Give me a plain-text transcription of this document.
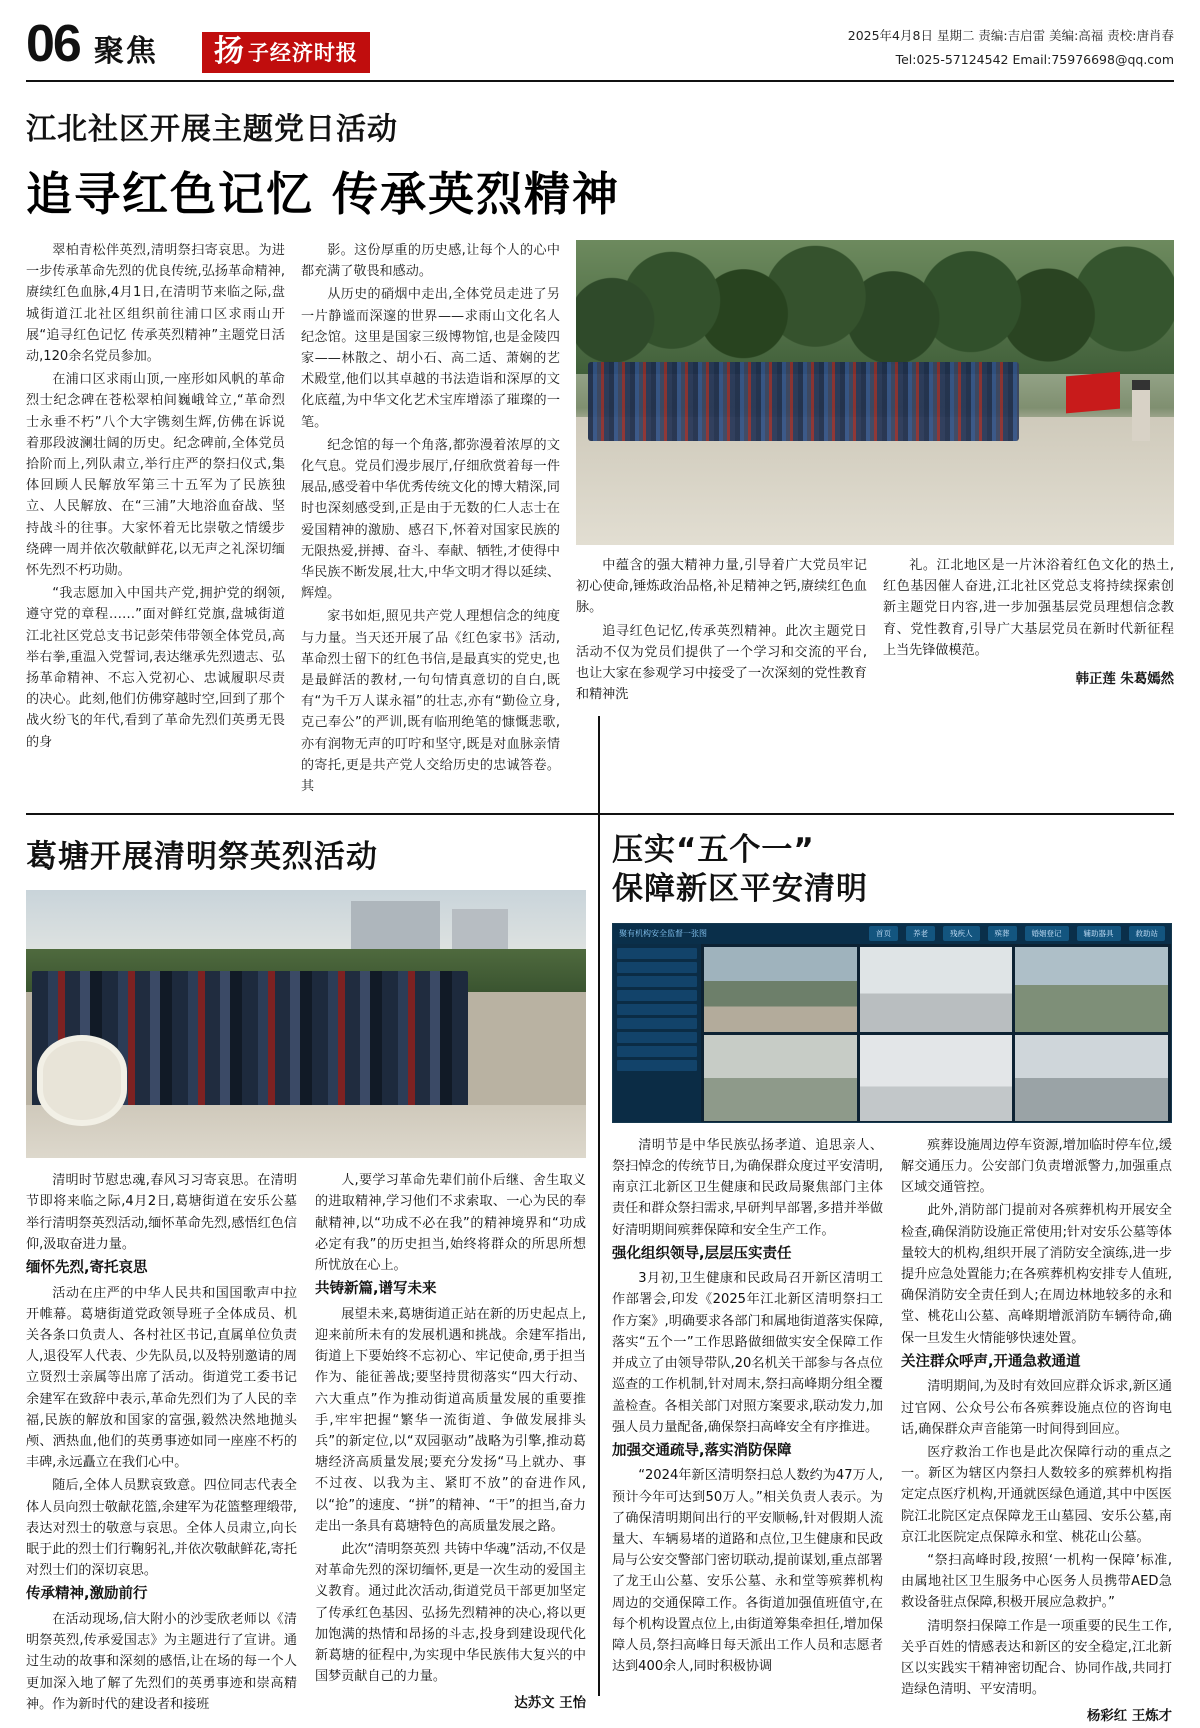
06 聚焦 扬 子经济时报
2025年4月8日 星期二 责编:吉启雷 美编:高福 责校:唐肖春
Tel:025-57124542 Email:75976698@qq.com
江北社区开展主题党日活动
追寻红色记忆 传承英烈精神

翠柏青松伴英烈,清明祭扫寄哀思。为进一步传承革命先烈的优良传统,弘扬革命精神,赓续红色血脉,4月1日,在清明节来临之际,盘城街道江北社区组织前往浦口区求雨山开展“追寻红色记忆 传承英烈精神”主题党日活动,120余名党员参加。

在浦口区求雨山顶,一座形如风帆的革命烈士纪念碑在苍松翠柏间巍峨耸立,“革命烈士永垂不朽”八个大字镌刻生辉,仿佛在诉说着那段波澜壮阔的历史。纪念碑前,全体党员拾阶而上,列队肃立,举行庄严的祭扫仪式,集体回顾人民解放军第三十五军为了民族独立、人民解放、在“三浦”大地浴血奋战、坚持战斗的往事。大家怀着无比崇敬之情缓步绕碑一周并依次敬献鲜花,以无声之礼深切缅怀先烈不朽功勋。

“我志愿加入中国共产党,拥护党的纲领,遵守党的章程……”面对鲜红党旗,盘城街道江北社区党总支书记彭荣伟带领全体党员,高举右拳,重温入党誓词,表达继承先烈遗志、弘扬革命精神、不忘入党初心、忠诚履职尽责的决心。此刻,他们仿佛穿越时空,回到了那个战火纷飞的年代,看到了革命先烈们英勇无畏的身

影。这份厚重的历史感,让每个人的心中都充满了敬畏和感动。

从历史的硝烟中走出,全体党员走进了另一片静谧而深邃的世界——求雨山文化名人纪念馆。这里是国家三级博物馆,也是金陵四家——林散之、胡小石、高二适、萧娴的艺术殿堂,他们以其卓越的书法造诣和深厚的文化底蕴,为中华文化艺术宝库增添了璀璨的一笔。

纪念馆的每一个角落,都弥漫着浓厚的文化气息。党员们漫步展厅,仔细欣赏着每一件展品,感受着中华优秀传统文化的博大精深,同时也深刻感受到,正是由于无数的仁人志士在爱国精神的激励、感召下,怀着对国家民族的无限热爱,拼搏、奋斗、奉献、牺牲,才使得中华民族不断发展,壮大,中华文明才得以延续、辉煌。

家书如炬,照见共产党人理想信念的纯度与力量。当天还开展了品《红色家书》活动,革命烈士留下的红色书信,是最真实的党史,也是最鲜活的教材,一句句情真意切的自白,既有“为千万人谋永福”的壮志,亦有“勤俭立身,克己奉公”的严训,既有临刑绝笔的慷慨悲歌,亦有润物无声的叮咛和坚守,既是对血脉亲情的寄托,更是共产党人交给历史的忠诚答卷。其

中蕴含的强大精神力量,引导着广大党员牢记初心使命,锤炼政治品格,补足精神之钙,赓续红色血脉。

追寻红色记忆,传承英烈精神。此次主题党日活动不仅为党员们提供了一个学习和交流的平台,也让大家在参观学习中接受了一次深刻的党性教育和精神洗

礼。江北地区是一片沐浴着红色文化的热土,红色基因催人奋进,江北社区党总支将持续探索创新主题党日内容,进一步加强基层党员理想信念教育、党性教育,引导广大基层党员在新时代新征程上当先锋做模范。

韩正莲 朱葛嫣然
葛塘开展清明祭英烈活动

清明时节慰忠魂,春风习习寄哀思。在清明节即将来临之际,4月2日,葛塘街道在安乐公墓举行清明祭英烈活动,缅怀革命先烈,感悟红色信仰,汲取奋进力量。

缅怀先烈,寄托哀思

活动在庄严的中华人民共和国国歌声中拉开帷幕。葛塘街道党政领导班子全体成员、机关各条口负责人、各村社区书记,直属单位负责人,退役军人代表、少先队员,以及特别邀请的周立贤烈士亲属等出席了活动。街道党工委书记余建军在致辞中表示,革命先烈们为了人民的幸福,民族的解放和国家的富强,毅然决然地抛头颅、洒热血,他们的英勇事迹如同一座座不朽的丰碑,永远矗立在我们心中。

随后,全体人员默哀致意。四位同志代表全体人员向烈士敬献花篮,余建军为花篮整理缎带,表达对烈士的敬意与哀思。全体人员肃立,向长眠于此的烈士们行鞠躬礼,并依次敬献鲜花,寄托对烈士们的深切哀思。

传承精神,激励前行

在活动现场,信大附小的沙雯欣老师以《清明祭英烈,传承爱国志》为主题进行了宣讲。通过生动的故事和深刻的感悟,让在场的每一个人更加深入地了解了先烈们的英勇事迹和崇高精神。作为新时代的建设者和接班

人,要学习革命先辈们前仆后继、舍生取义的进取精神,学习他们不求索取、一心为民的奉献精神,以“功成不必在我”的精神境界和“功成必定有我”的历史担当,始终将群众的所思所想所忧放在心上。

共铸新篇,谱写未来

展望未来,葛塘街道正站在新的历史起点上,迎来前所未有的发展机遇和挑战。余建军指出,街道上下要始终不忘初心、牢记使命,勇于担当作为、能征善战;要坚持贯彻落实“四大行动、六大重点”作为推动街道高质量发展的重要推手,牢牢把握“繁华一流街道、争做发展排头兵”的新定位,以“双园驱动”战略为引擎,推动葛塘经济高质量发展;要充分发扬“马上就办、事不过夜、以我为主、紧盯不放”的奋进作风,以“抢”的速度、“拼”的精神、“干”的担当,奋力走出一条具有葛塘特色的高质量发展之路。

此次“清明祭英烈 共铸中华魂”活动,不仅是对革命先烈的深切缅怀,更是一次生动的爱国主义教育。通过此次活动,街道党员干部更加坚定了传承红色基因、弘扬先烈精神的决心,将以更加饱满的热情和昂扬的斗志,投身到建设现代化新葛塘的征程中,为实现中华民族伟大复兴的中国梦贡献自己的力量。

达苏文 王怡
压实“五个一”
保障新区平安清明
聚有机构安全监督一张图	首页	养老	残疾人	殡葬	婚姻登记	辅助器具	救助站

清明节是中华民族弘扬孝道、追思亲人、祭扫悼念的传统节日,为确保群众度过平安清明,南京江北新区卫生健康和民政局聚焦部门主体责任和群众祭扫需求,早研判早部署,多措并举做好清明期间殡葬保障和安全生产工作。

强化组织领导,层层压实责任

3月初,卫生健康和民政局召开新区清明工作部署会,印发《2025年江北新区清明祭扫工作方案》,明确要求各部门和属地街道落实保障,落实“五个一”工作思路做细做实安全保障工作并成立了由领导带队,20名机关干部参与各点位巡查的工作机制,针对周末,祭扫高峰期分组全覆盖检查。各相关部门对照方案要求,联动发力,加强人员力量配备,确保祭扫高峰安全有序推进。

加强交通疏导,落实消防保障

“2024年新区清明祭扫总人数约为47万人,预计今年可达到50万人。”相关负责人表示。为了确保清明期间出行的平安顺畅,针对假期人流量大、车辆易堵的道路和点位,卫生健康和民政局与公安交警部门密切联动,提前谋划,重点部署了龙王山公墓、安乐公墓、永和堂等殡葬机构周边的交通保障工作。各街道加强值班值守,在每个机构设置点位上,由街道筹集牵担任,增加保障人员,祭扫高峰日每天派出工作人员和志愿者达到400余人,同时积极协调

殡葬设施周边停车资源,增加临时停车位,缓解交通压力。公安部门负责增派警力,加强重点区域交通管控。

此外,消防部门提前对各殡葬机构开展安全检查,确保消防设施正常使用;针对安乐公墓等体量较大的机构,组织开展了消防安全演练,进一步提升应急处置能力;在各殡葬机构安排专人值班,确保消防安全责任到人;在周边林地较多的永和堂、桃花山公墓、高峰期增派消防车辆待命,确保一旦发生火情能够快速处置。

关注群众呼声,开通急救通道

清明期间,为及时有效回应群众诉求,新区通过官网、公众号公布各殡葬设施点位的咨询电话,确保群众声音能第一时间得到回应。

医疗救治工作也是此次保障行动的重点之一。新区为辖区内祭扫人数较多的殡葬机构指定定点医疗机构,开通就医绿色通道,其中中医医院江北院区定点保障龙王山墓园、安乐公墓,南京江北医院定点保障永和堂、桃花山公墓。

“祭扫高峰时段,按照‘一机构一保障’标准,由属地社区卫生服务中心医务人员携带AED急救设备驻点保障,积极开展应急救护。”

清明祭扫保障工作是一项重要的民生工作,关乎百姓的情感表达和新区的安全稳定,江北新区以实践实干精神密切配合、协同作战,共同打造绿色清明、平安清明。

杨彩红 王炼才
